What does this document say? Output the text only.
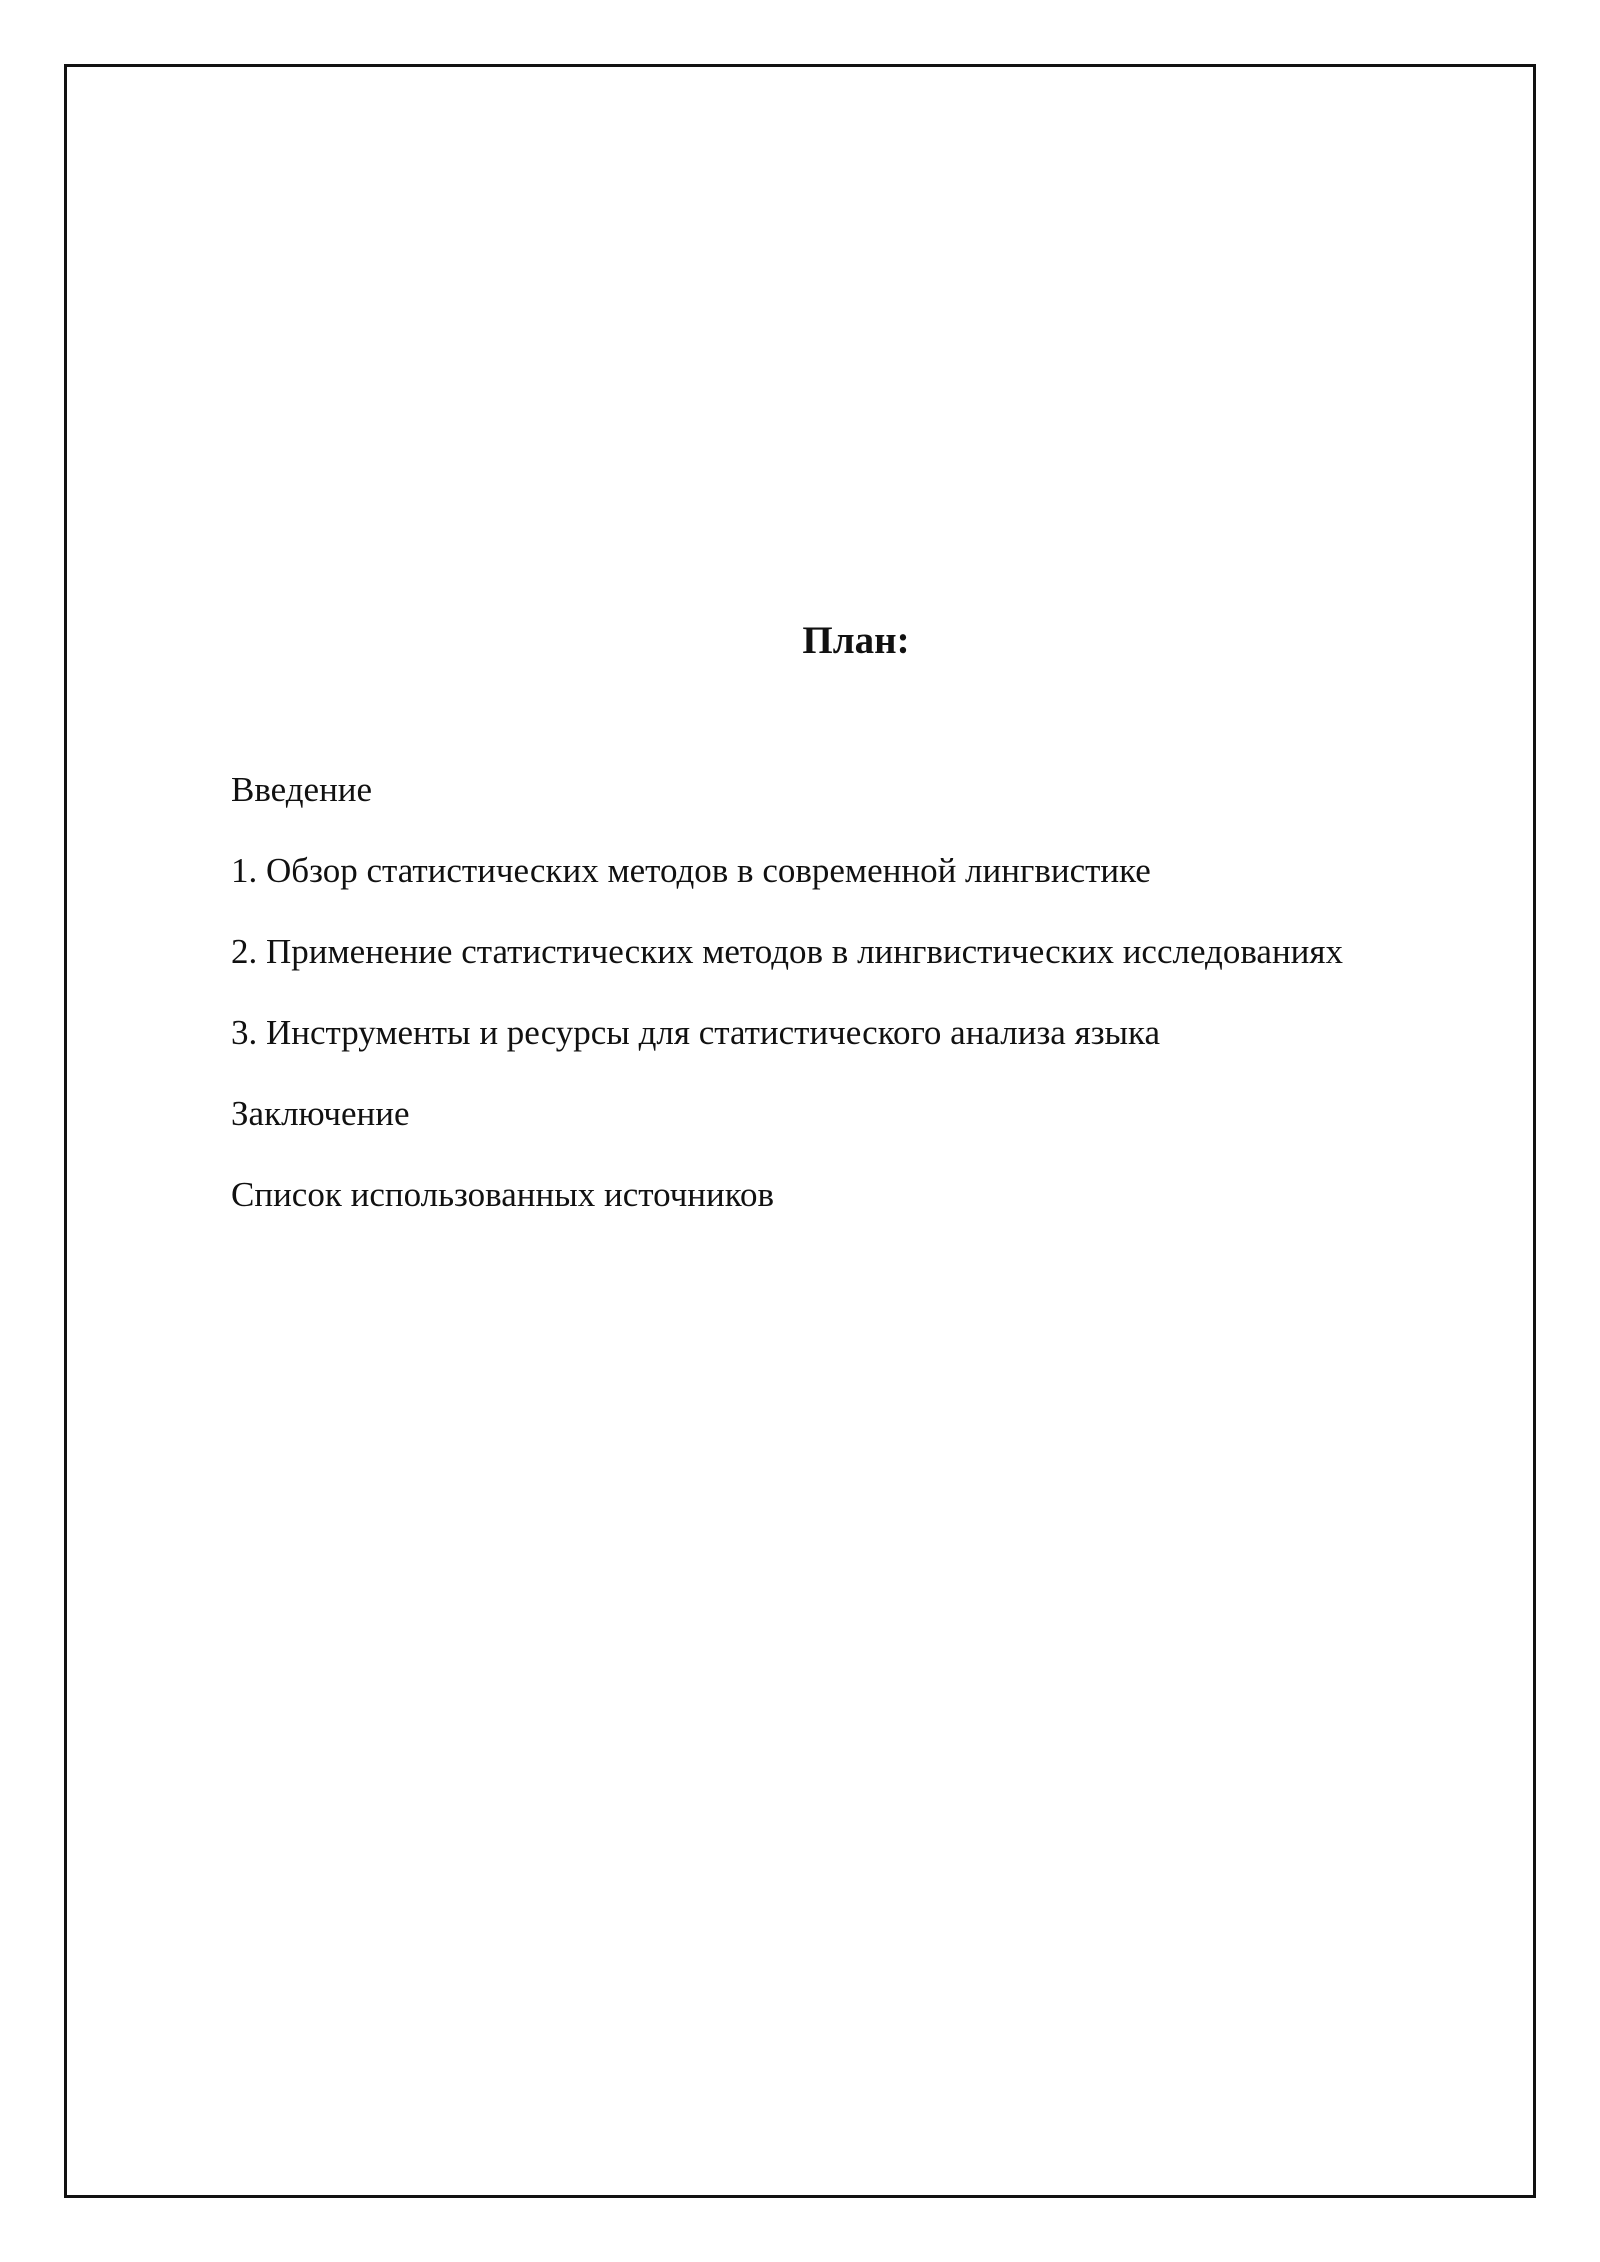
План:
Введение
1. Обзор статистических методов в современной лингвистике
2. Применение статистических методов в лингвистических исследованиях
3. Инструменты и ресурсы для статистического анализа языка
Заключение
Список использованных источников
